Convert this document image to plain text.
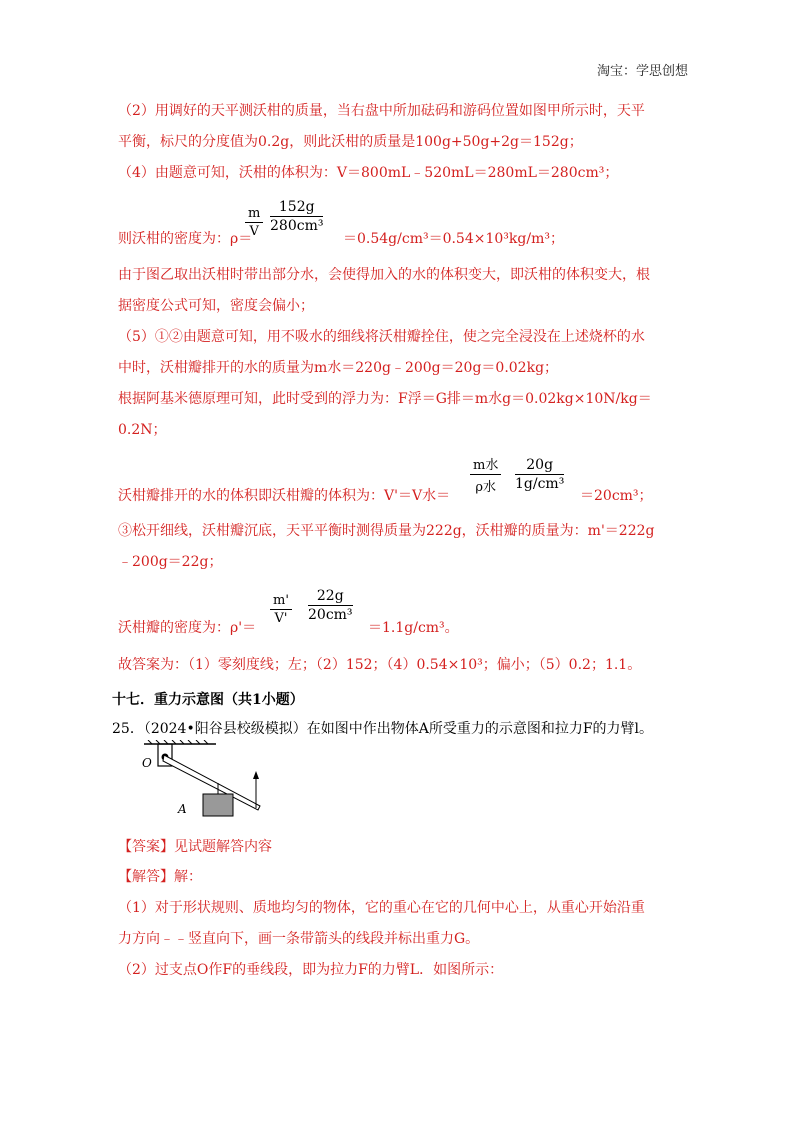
淘宝：学思创想
（2）用调好的天平测沃柑的质量，当右盘中所加砝码和游码位置如图甲所示时，天平
平衡，标尺的分度值为0.2g，则此沃柑的质量是100g+50g+2g＝152g；
（4）由题意可知，沃柑的体积为：V＝800mL﹣520mL＝280mL＝280cm³；
则沃柑的密度为：ρ＝
m
V
152g
280cm³
＝0.54g/cm³＝0.54×10³kg/m³；
由于图乙取出沃柑时带出部分水，会使得加入的水的体积变大，即沃柑的体积变大，根
据密度公式可知，密度会偏小；
（5）①②由题意可知，用不吸水的细线将沃柑瓣拴住，使之完全浸没在上述烧杯的水
中时，沃柑瓣排开的水的质量为m水＝220g﹣200g＝20g＝0.02kg；
根据阿基米德原理可知，此时受到的浮力为：F浮＝G排＝m水g＝0.02kg×10N/kg＝
0.2N；
沃柑瓣排开的水的体积即沃柑瓣的体积为：V'＝V水＝
m水
ρ水
20g
1g/cm³
＝20cm³；
③松开细线，沃柑瓣沉底，天平平衡时测得质量为222g，沃柑瓣的质量为：m'＝222g
﹣200g＝22g；
沃柑瓣的密度为：ρ'＝
m'
V'
22g
20cm³
＝1.1g/cm³。
故答案为：（1）零刻度线；左；（2）152；（4）0.54×10³；偏小；（5）0.2；1.1。
十七．重力示意图（共1小题）
25．（2024•阳谷县校级模拟）在如图中作出物体A所受重力的示意图和拉力F的力臂l。
O
A
【答案】见试题解答内容
【解答】解：
（1）对于形状规则、质地均匀的物体，它的重心在它的几何中心上，从重心开始沿重
力方向﹣﹣竖直向下，画一条带箭头的线段并标出重力G。
（2）过支点O作F的垂线段，即为拉力F的力臂L．如图所示：
